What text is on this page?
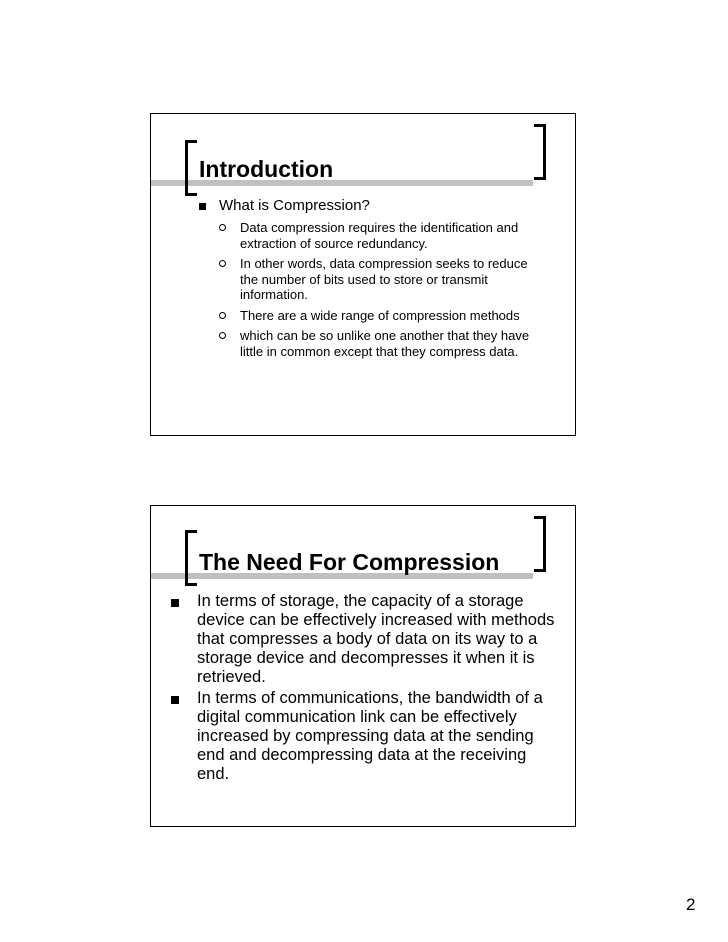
Introduction
What is Compression?
Data compression requires the identification and extraction of source redundancy.
In other words, data compression seeks to reduce the number of bits used to store or transmit information.
There are a wide range of compression methods
which can be so unlike one another that they have little in common except that they compress data.
The Need For Compression
In terms of storage, the capacity of a storage device can be effectively increased with methods that compresses a body of data on its way to a storage device and decompresses it when it is retrieved.
In terms of communications, the bandwidth of a digital communication link can be effectively increased by compressing data at the sending end and decompressing data at the receiving end.
2
